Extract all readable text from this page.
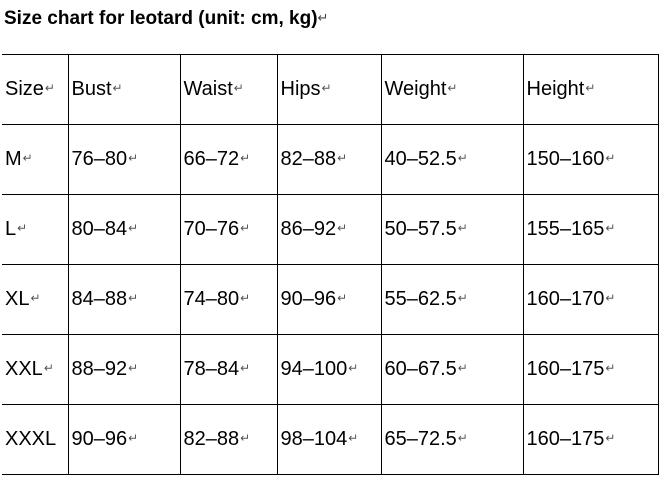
Size chart for leotard (unit: cm, kg)↵
Size↵	Bust↵	Waist↵	Hips↵	Weight↵	Height↵
M↵	76–80↵	66–72↵	82–88↵	40–52.5↵	150–160↵
L↵	80–84↵	70–76↵	86–92↵	50–57.5↵	155–165↵
XL↵	84–88↵	74–80↵	90–96↵	55–62.5↵	160–170↵
XXL↵	88–92↵	78–84↵	94–100↵	60–67.5↵	160–175↵
XXXL	90–96↵	82–88↵	98–104↵	65–72.5↵	160–175↵
